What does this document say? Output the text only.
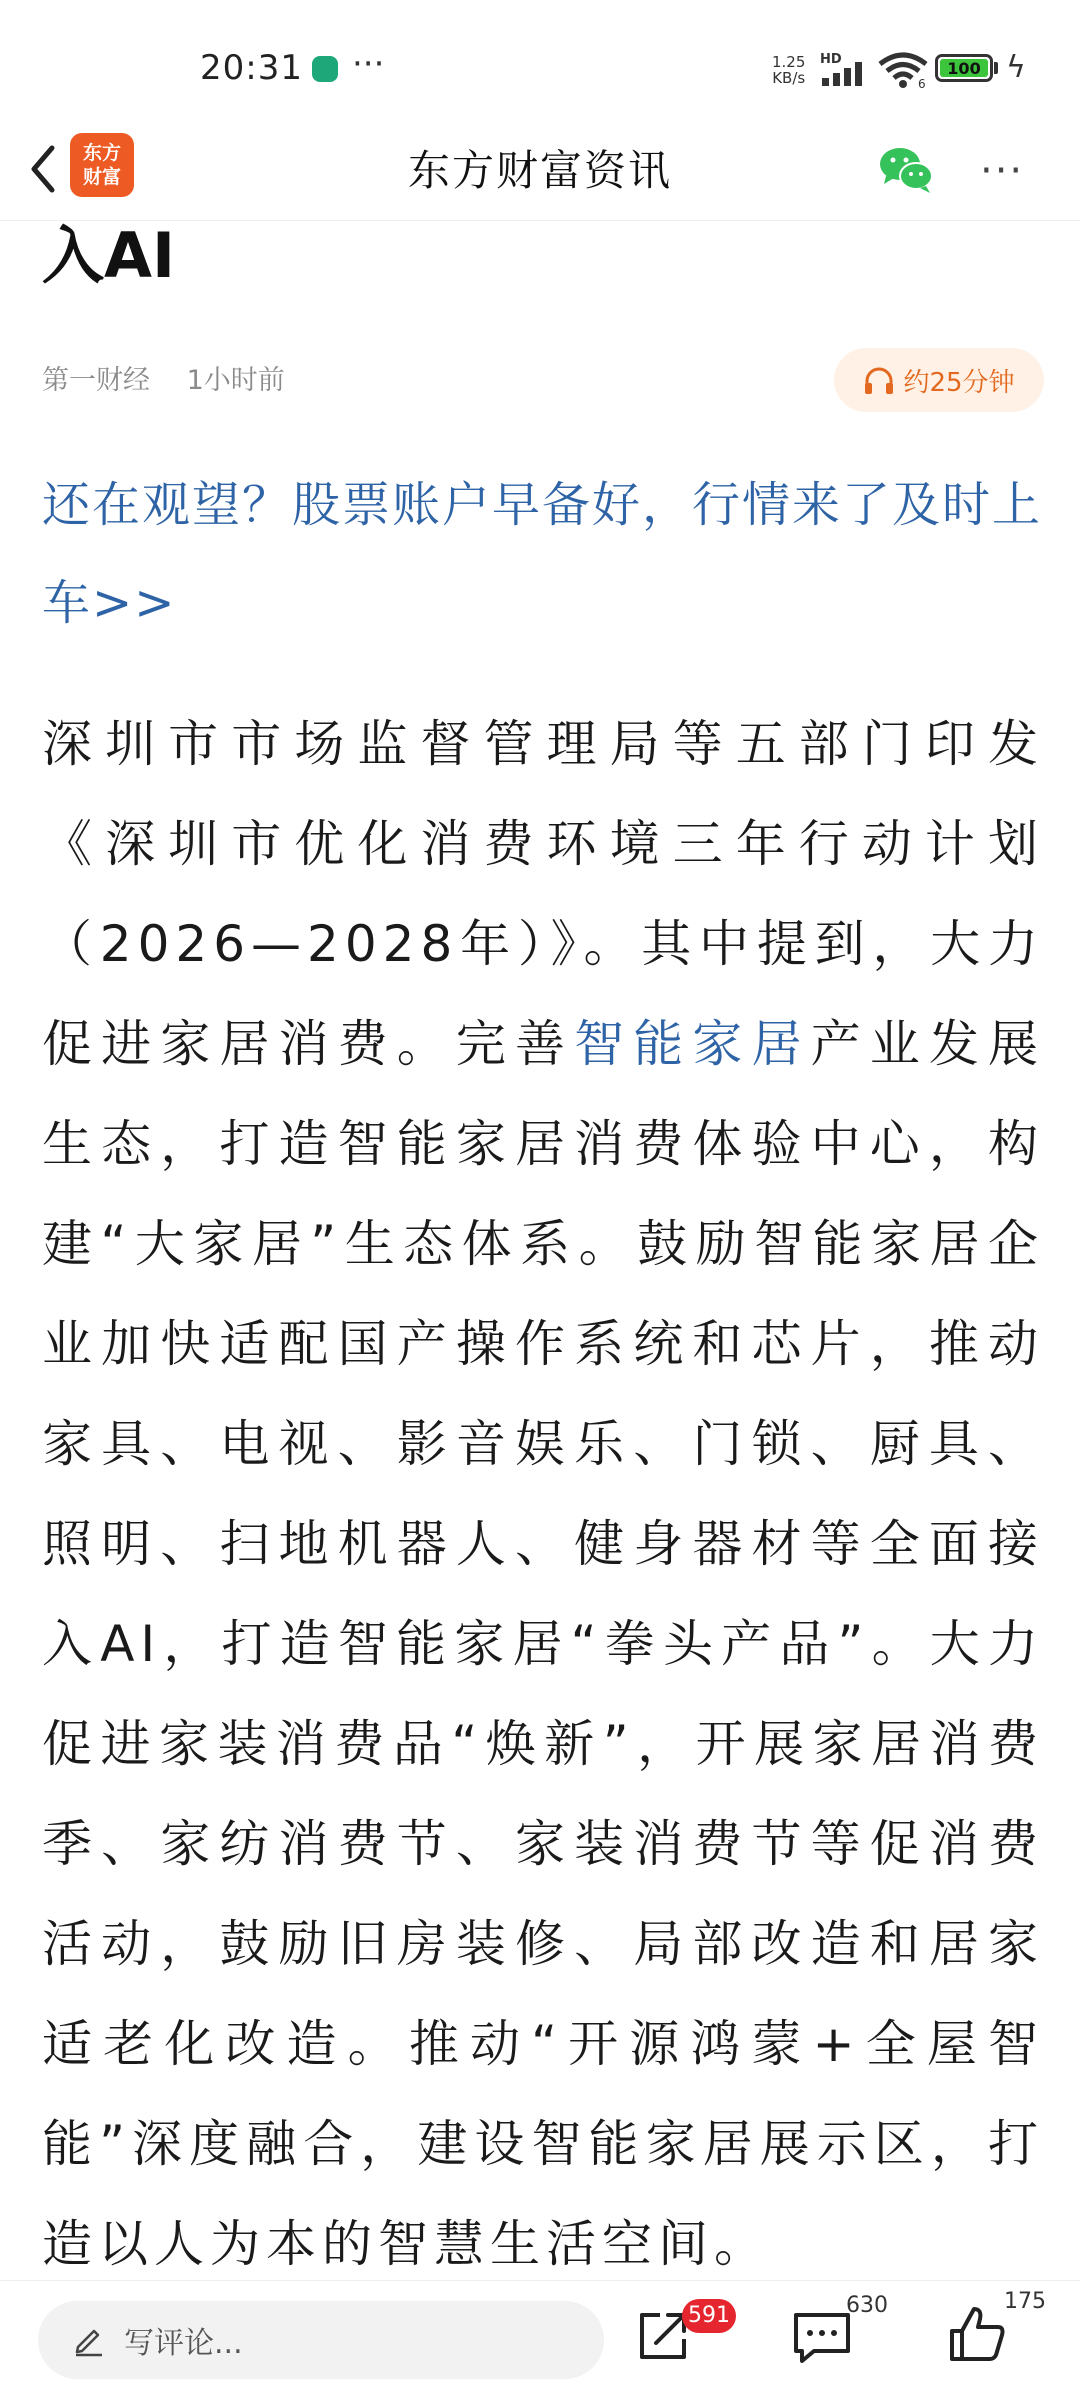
20:31 ···	1.25
KB/s
HD
6
100 ϟ
东方
财富	东方财富资讯	···
入AI
第一财经 1小时前	约25分钟
还在观望？股票账户早备好，行情来了及时上车>>
深圳市市场监督管理局等五部门印发《深圳市优化消费环境三年行动计划（2026—2028年）》。其中提到，大力促进家居消费。完善智能家居产业发展生态，打造智能家居消费体验中心，构建“大家居”生态体系。鼓励智能家居企业加快适配国产操作系统和芯片，推动家具、电视、影音娱乐、门锁、厨具、照明、扫地机器人、健身器材等全面接入AI，打造智能家居“拳头产品”。大力促进家装消费品“焕新”，开展家居消费季、家纺消费节、家装消费节等促消费活动，鼓励旧房装修、局部改造和居家适老化改造。推动“开源鸿蒙+全屋智能”深度融合，建设智能家居展示区，打造以人为本的智慧生活空间。
写评论...
591	630	175
